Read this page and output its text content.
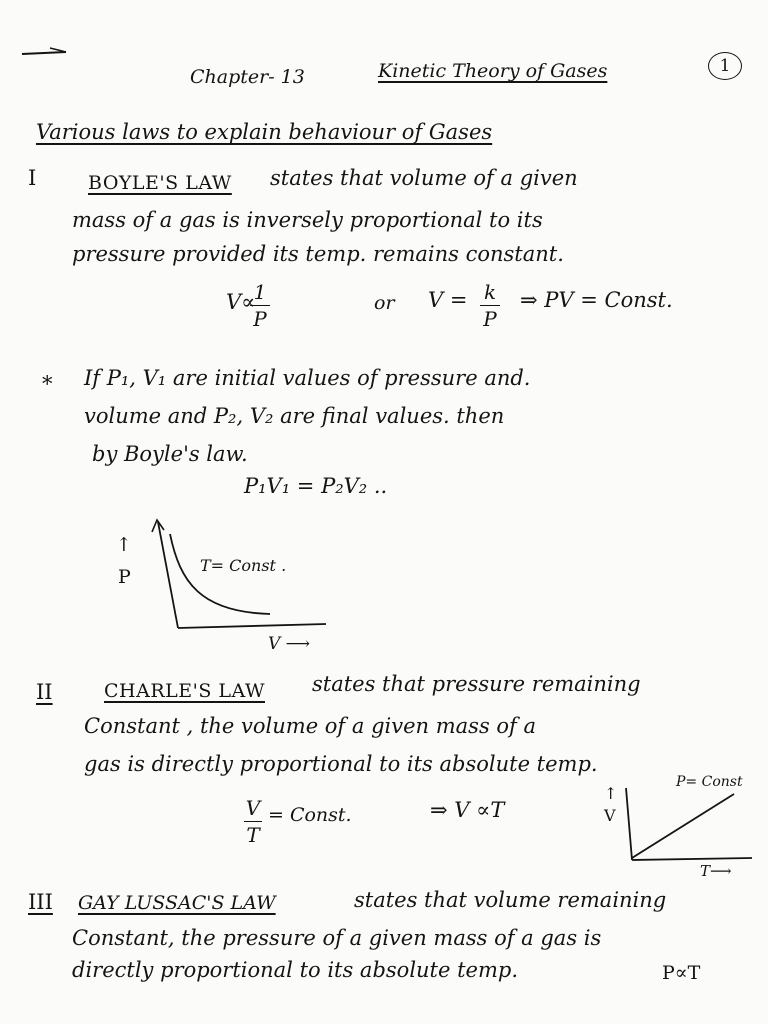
Chapter- 13	Kinetic Theory of Gases	1
Various laws to explain behaviour of Gases
I	BOYLE'S LAW states that volume of a given
mass of a gas is inversely proportional to its
pressure provided its temp. remains constant.
V∝
1
P
or V = k
P
⇒ PV = Const.
* If P₁, V₁ are initial values of pressure and.
volume and P₂, V₂ are final values. then
by Boyle's law.
P₁V₁ = P₂V₂ ..
↑
P
T= Const .
V ⟶
II	CHARLE'S LAW states that pressure remaining
Constant , the volume of a given mass of a
gas is directly proportional to its absolute temp.
V
T
= Const.	⇒ V ∝T
↑
V
P= Const
T⟶
III GAY LUSSAC'S LAW	states that volume remaining
Constant, the pressure of a given mass of a gas is
directly proportional to its absolute temp.	P∝T
